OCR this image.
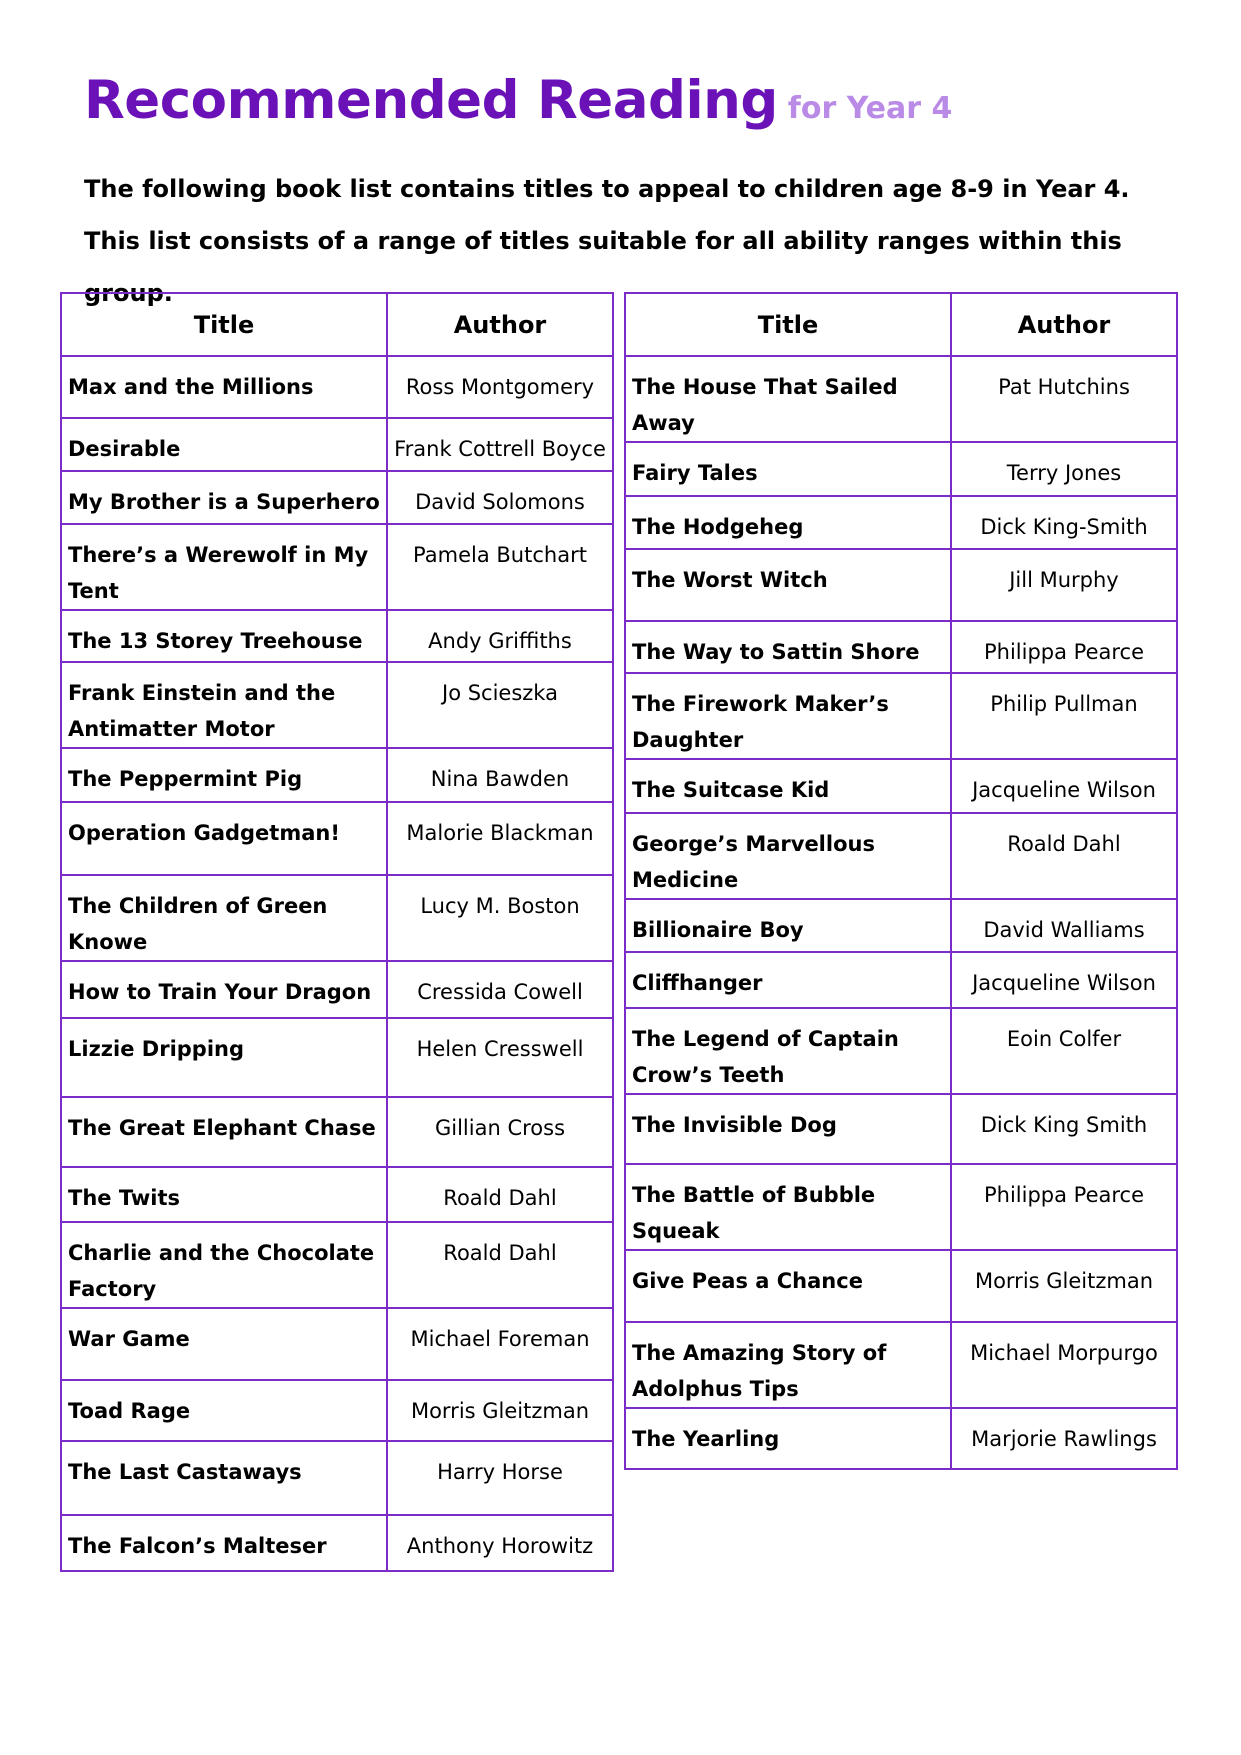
Recommended Reading for Year 4

The following book list contains titles to appeal to children age 8-9 in Year 4. This list consists of a range of titles suitable for all ability ranges within this group.

Title	Author
Max and the Millions	Ross Montgomery
Desirable	Frank Cottrell Boyce
My Brother is a Superhero	David Solomons
There’s a Werewolf in My Tent	Pamela Butchart
The 13 Storey Treehouse	Andy Griffiths
Frank Einstein and the Antimatter Motor	Jo Scieszka
The Peppermint Pig	Nina Bawden
Operation Gadgetman!	Malorie Blackman
The Children of Green Knowe	Lucy M. Boston
How to Train Your Dragon	Cressida Cowell
Lizzie Dripping	Helen Cresswell
The Great Elephant Chase	Gillian Cross
The Twits	Roald Dahl
Charlie and the Chocolate Factory	Roald Dahl
War Game	Michael Foreman
Toad Rage	Morris Gleitzman
The Last Castaways	Harry Horse
The Falcon’s Malteser	Anthony Horowitz
Title	Author
The House That Sailed Away	Pat Hutchins
Fairy Tales	Terry Jones
The Hodgeheg	Dick King-Smith
The Worst Witch	Jill Murphy
The Way to Sattin Shore	Philippa Pearce
The Firework Maker’s Daughter	Philip Pullman
The Suitcase Kid	Jacqueline Wilson
George’s Marvellous Medicine	Roald Dahl
Billionaire Boy	David Walliams
Cliffhanger	Jacqueline Wilson
The Legend of Captain Crow’s Teeth	Eoin Colfer
The Invisible Dog	Dick King Smith
The Battle of Bubble Squeak	Philippa Pearce
Give Peas a Chance	Morris Gleitzman
The Amazing Story of Adolphus Tips	Michael Morpurgo
The Yearling	Marjorie Rawlings
